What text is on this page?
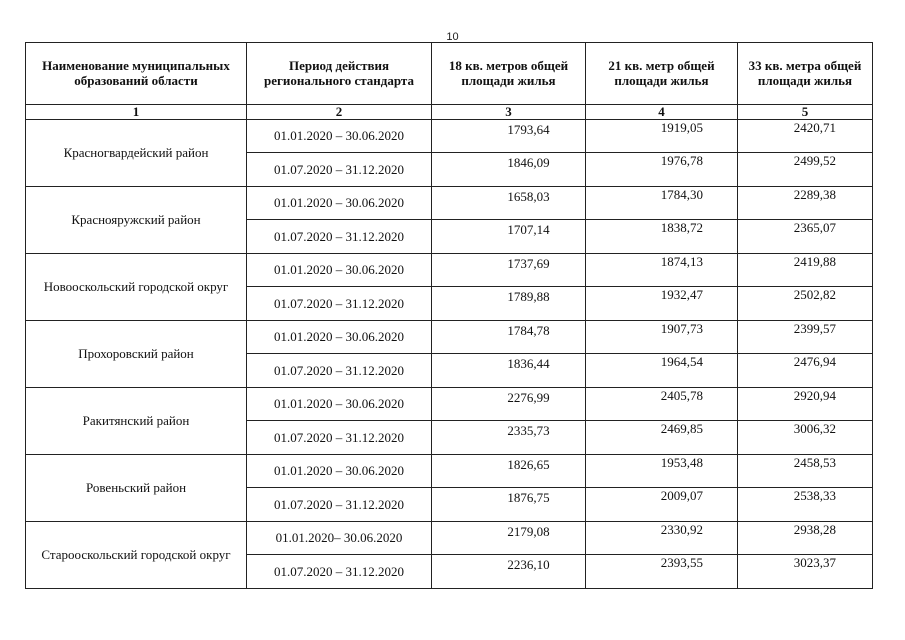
10
Наименование муниципальных образований области	Период действия регионального стандарта	18 кв. метров общей площади жилья	21 кв. метр общей площади жилья	33 кв. метра общей площади жилья
1	2	3	4	5
Красногвардейский район	01.01.2020 – 30.06.2020	1793,64	1919,05	2420,71
	01.07.2020 – 31.12.2020	1846,09	1976,78	2499,52
Краснояружский район	01.01.2020 – 30.06.2020	1658,03	1784,30	2289,38
	01.07.2020 – 31.12.2020	1707,14	1838,72	2365,07
Новооскольский городской округ	01.01.2020 – 30.06.2020	1737,69	1874,13	2419,88
	01.07.2020 – 31.12.2020	1789,88	1932,47	2502,82
Прохоровский район	01.01.2020 – 30.06.2020	1784,78	1907,73	2399,57
	01.07.2020 – 31.12.2020	1836,44	1964,54	2476,94
Ракитянский район	01.01.2020 – 30.06.2020	2276,99	2405,78	2920,94
	01.07.2020 – 31.12.2020	2335,73	2469,85	3006,32
Ровеньский район	01.01.2020 – 30.06.2020	1826,65	1953,48	2458,53
	01.07.2020 – 31.12.2020	1876,75	2009,07	2538,33
Старооскольский городской округ	01.01.2020– 30.06.2020	2179,08	2330,92	2938,28
	01.07.2020 – 31.12.2020	2236,10	2393,55	3023,37
